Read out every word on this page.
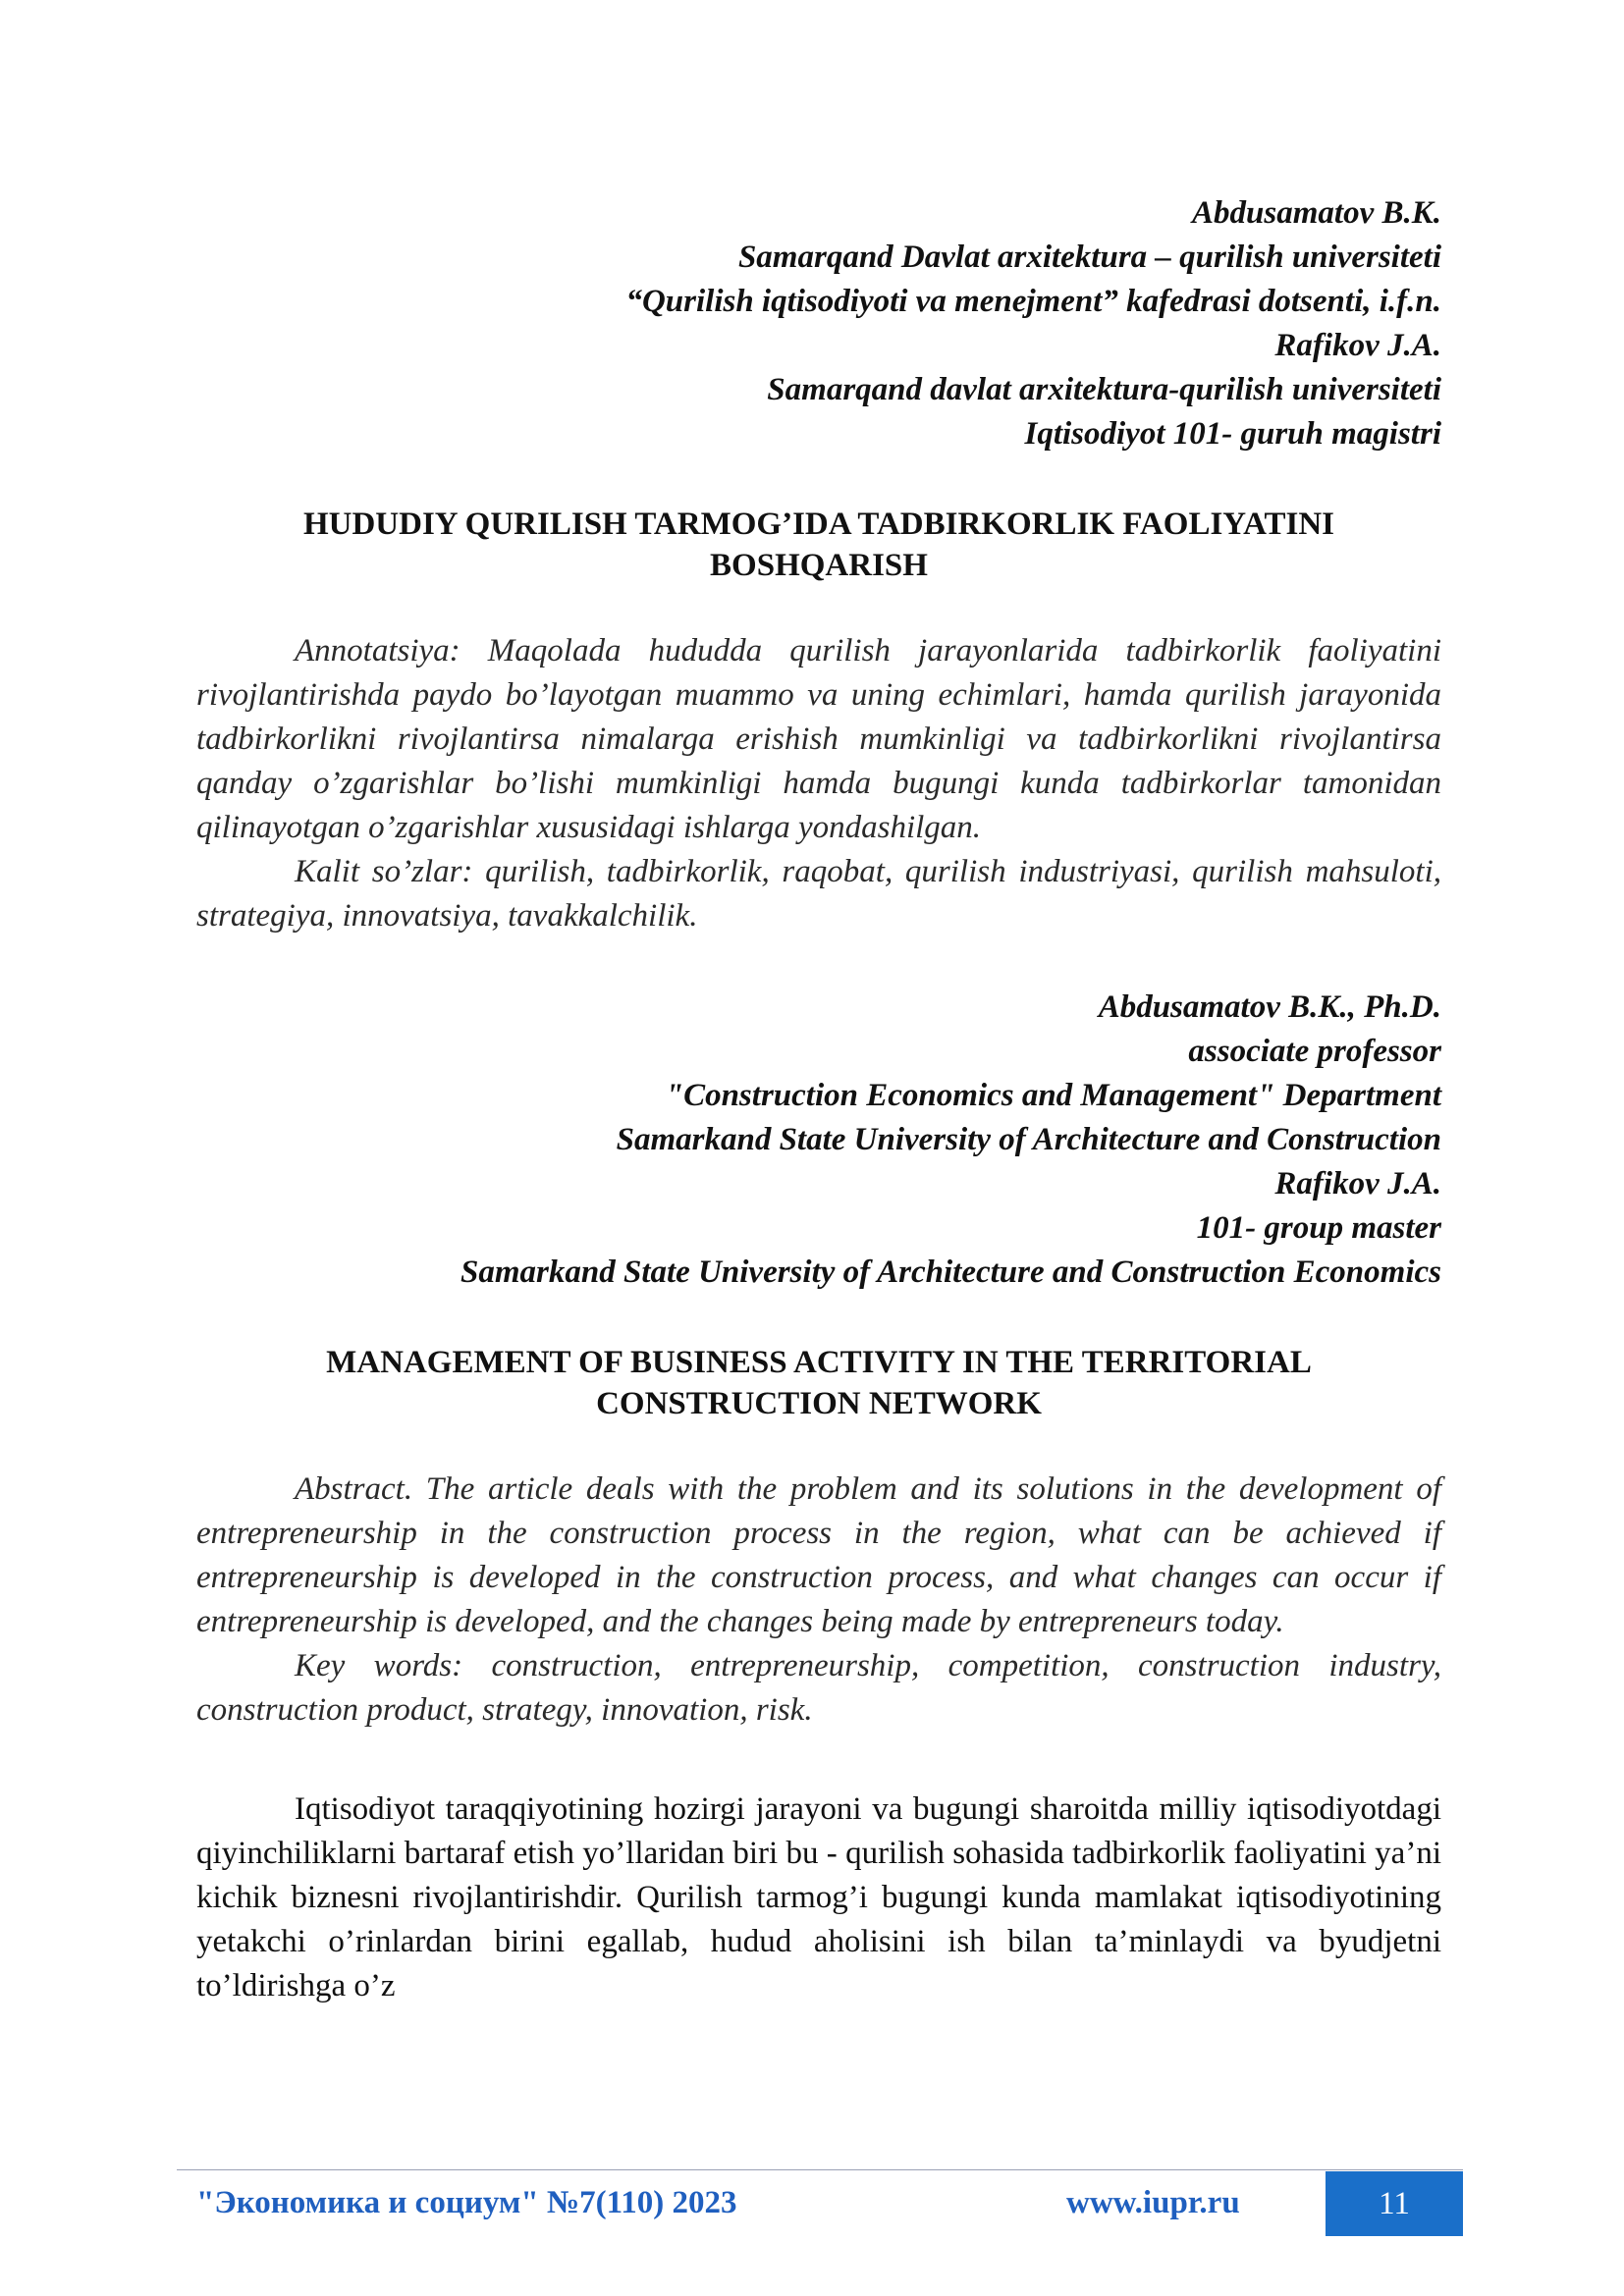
Abdusamatov B.K.
Samarqand Davlat arxitektura – qurilish universiteti
“Qurilish iqtisodiyoti va menejment” kafedrasi dotsenti, i.f.n.
Rafikov J.A.
Samarqand davlat arxitektura-qurilish universiteti
Iqtisodiyot 101- guruh magistri
HUDUDIY QURILISH TARMOG’IDA TADBIRKORLIK FAOLIYATINI
BOSHQARISH
Annotatsiya: Maqolada hududda qurilish jarayonlarida tadbirkorlik faoliyatini rivojlantirishda paydo bo’layotgan muammo va uning echimlari, hamda qurilish jarayonida tadbirkorlikni rivojlantirsa nimalarga erishish mumkinligi va tadbirkorlikni rivojlantirsa qanday o’zgarishlar bo’lishi mumkinligi hamda bugungi kunda tadbirkorlar tamonidan qilinayotgan o’zgarishlar xususidagi ishlarga yondashilgan.
Kalit so’zlar: qurilish, tadbirkorlik, raqobat, qurilish industriyasi, qurilish mahsuloti, strategiya, innovatsiya, tavakkalchilik.
Abdusamatov B.K., Ph.D.
associate professor
"Construction Economics and Management" Department
Samarkand State University of Architecture and Construction
Rafikov J.A.
101- group master
Samarkand State University of Architecture and Construction Economics
MANAGEMENT OF BUSINESS ACTIVITY IN THE TERRITORIAL
CONSTRUCTION NETWORK
Abstract. The article deals with the problem and its solutions in the development of entrepreneurship in the construction process in the region, what can be achieved if entrepreneurship is developed in the construction process, and what changes can occur if entrepreneurship is developed, and the changes being made by entrepreneurs today.
Key words: construction, entrepreneurship, competition, construction industry, construction product, strategy, innovation, risk.
Iqtisodiyot taraqqiyotining hozirgi jarayoni va bugungi sharoitda milliy iqtisodiyotdagi qiyinchiliklarni bartaraf etish yo’llaridan biri bu - qurilish sohasida tadbirkorlik faoliyatini ya’ni kichik biznesni rivojlantirishdir. Qurilish tarmog’i bugungi kunda mamlakat iqtisodiyotining yetakchi o’rinlardan birini egallab, hudud aholisini ish bilan ta’minlaydi va byudjetni to’ldirishga o’z
"Экономика и социум" №7(110) 2023	www.iupr.ru	11
